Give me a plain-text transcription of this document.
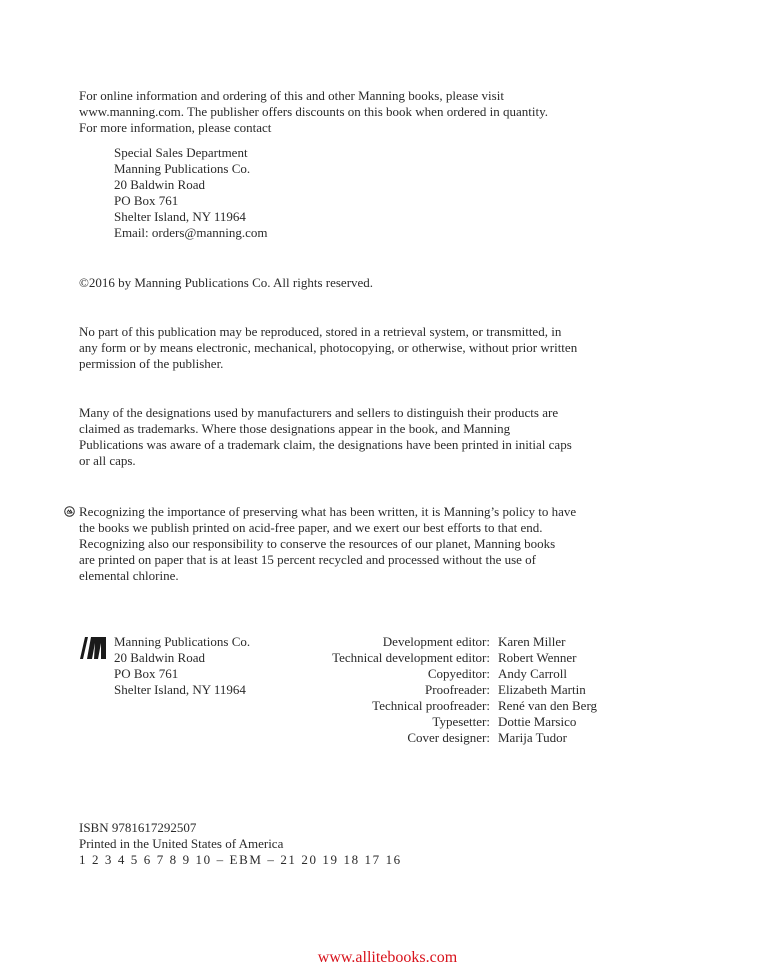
For online information and ordering of this and other Manning books, please visit
www.manning.com. The publisher offers discounts on this book when ordered in quantity.
For more information, please contact
Special Sales Department
Manning Publications Co.
20 Baldwin Road
PO Box 761
Shelter Island, NY 11964
Email: orders@manning.com
©2016 by Manning Publications Co. All rights reserved.
No part of this publication may be reproduced, stored in a retrieval system, or transmitted, in
any form or by means electronic, mechanical, photocopying, or otherwise, without prior written
permission of the publisher.
Many of the designations used by manufacturers and sellers to distinguish their products are
claimed as trademarks. Where those designations appear in the book, and Manning
Publications was aware of a trademark claim, the designations have been printed in initial caps
or all caps.
Recognizing the importance of preserving what has been written, it is Manning’s policy to have
the books we publish printed on acid-free paper, and we exert our best efforts to that end.
Recognizing also our responsibility to conserve the resources of our planet, Manning books
are printed on paper that is at least 15 percent recycled and processed without the use of
elemental chlorine.
Manning Publications Co.
20 Baldwin Road
PO Box 761
Shelter Island, NY 11964
Development editor: Karen Miller
Technical development editor: Robert Wenner
Copyeditor: Andy Carroll
Proofreader: Elizabeth Martin
Technical proofreader: René van den Berg
Typesetter: Dottie Marsico
Cover designer: Marija Tudor
ISBN 9781617292507
Printed in the United States of America
1 2 3 4 5 6 7 8 9 10 – EBM – 21 20 19 18 17 16
www.allitebooks.com
